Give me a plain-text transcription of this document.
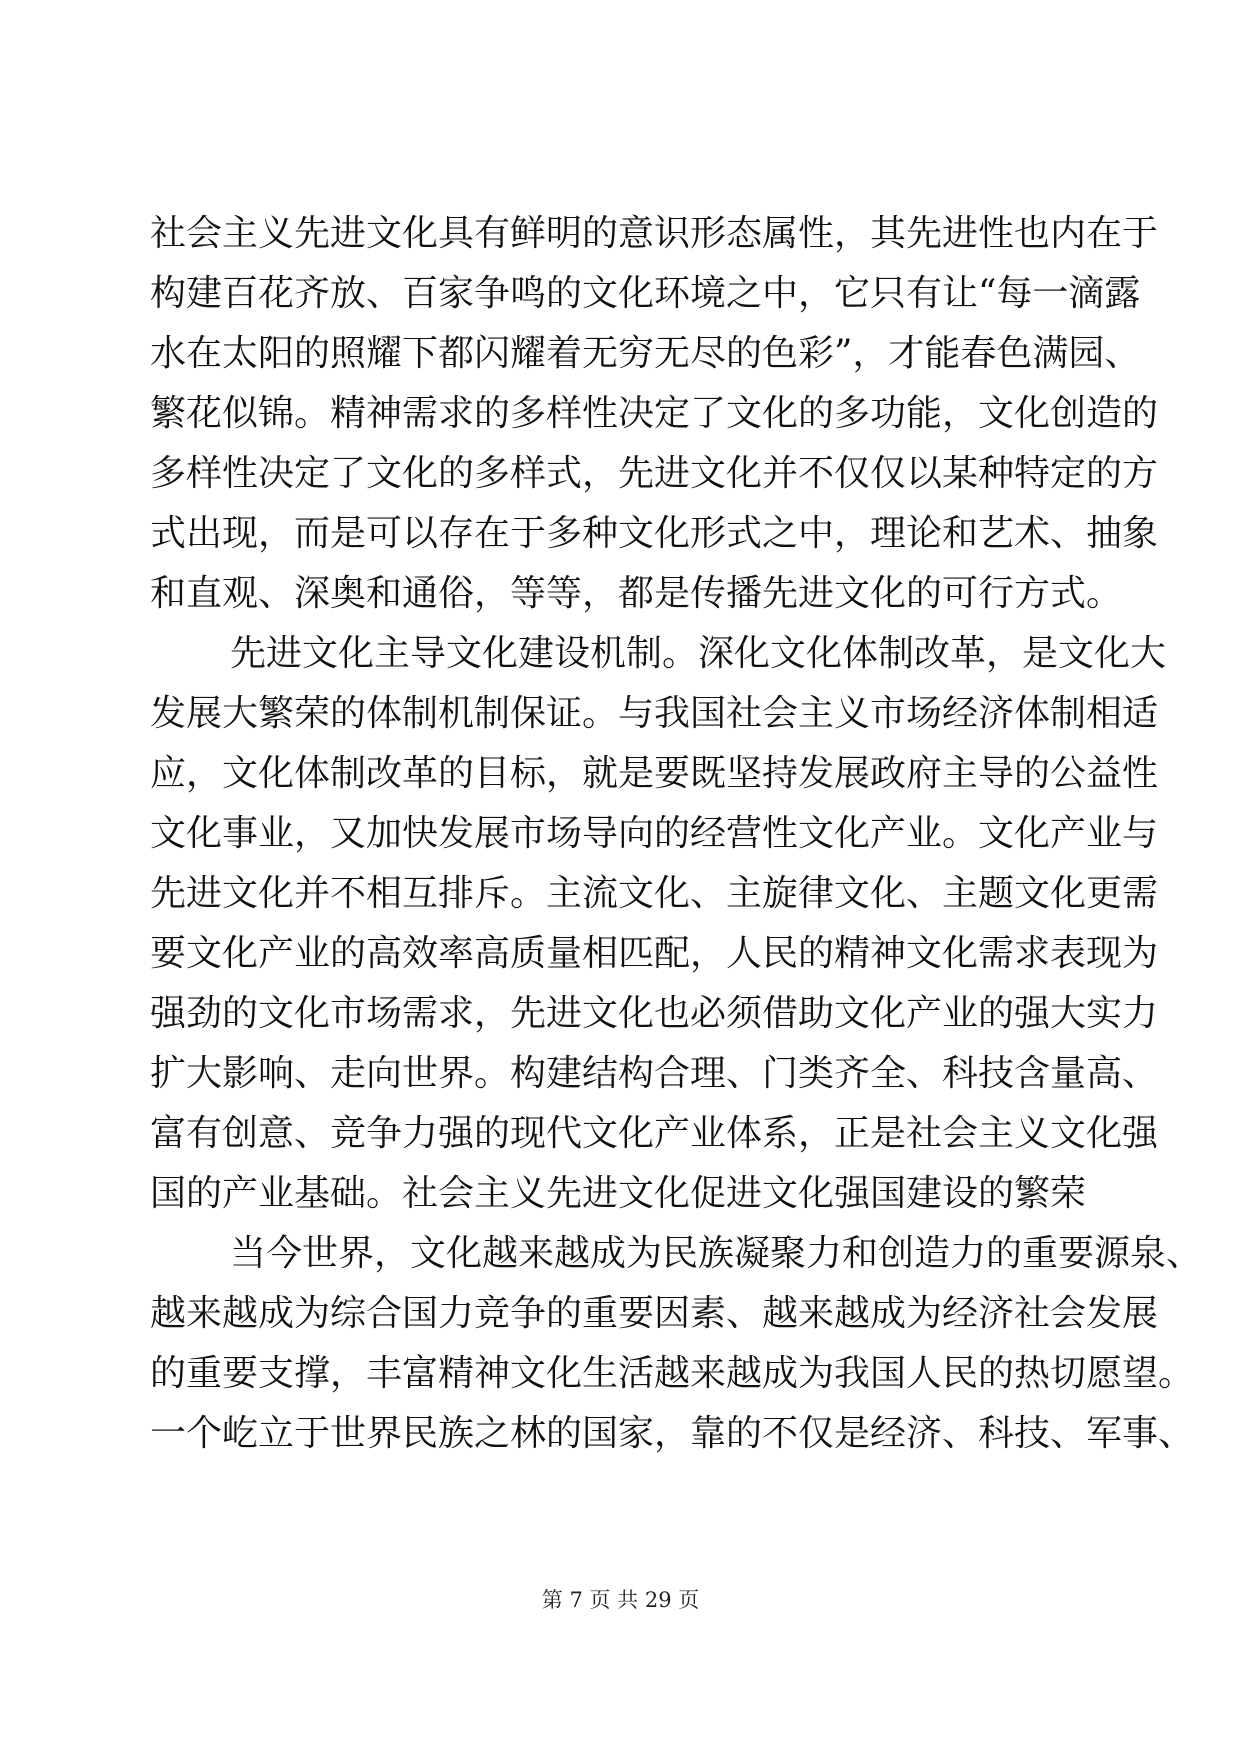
社会主义先进文化具有鲜明的意识形态属性，其先进性也内在于
构建百花齐放、百家争鸣的文化环境之中，它只有让“每一滴露
水在太阳的照耀下都闪耀着无穷无尽的色彩”，才能春色满园、
繁花似锦。精神需求的多样性决定了文化的多功能，文化创造的
多样性决定了文化的多样式，先进文化并不仅仅以某种特定的方
式出现，而是可以存在于多种文化形式之中，理论和艺术、抽象
和直观、深奥和通俗，等等，都是传播先进文化的可行方式。
先进文化主导文化建设机制。深化文化体制改革，是文化大
发展大繁荣的体制机制保证。与我国社会主义市场经济体制相适
应，文化体制改革的目标，就是要既坚持发展政府主导的公益性
文化事业，又加快发展市场导向的经营性文化产业。文化产业与
先进文化并不相互排斥。主流文化、主旋律文化、主题文化更需
要文化产业的高效率高质量相匹配，人民的精神文化需求表现为
强劲的文化市场需求，先进文化也必须借助文化产业的强大实力
扩大影响、走向世界。构建结构合理、门类齐全、科技含量高、
富有创意、竞争力强的现代文化产业体系，正是社会主义文化强
国的产业基础。社会主义先进文化促进文化强国建设的繁荣
当今世界，文化越来越成为民族凝聚力和创造力的重要源泉、
越来越成为综合国力竞争的重要因素、越来越成为经济社会发展
的重要支撑，丰富精神文化生活越来越成为我国人民的热切愿望。
一个屹立于世界民族之林的国家，靠的不仅是经济、科技、军事、
第 7 页 共 29 页
